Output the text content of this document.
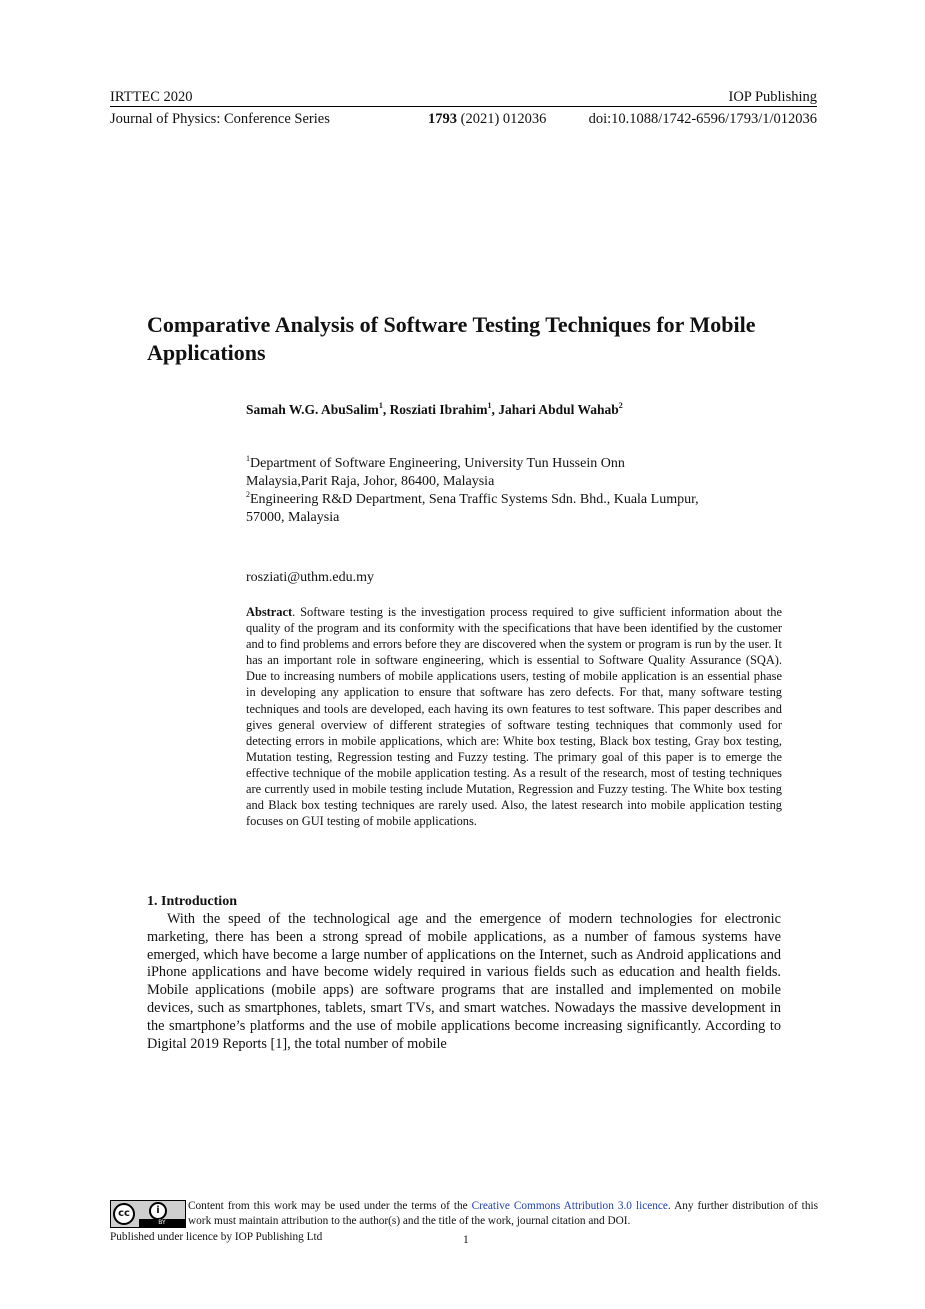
IRTTEC 2020	IOP Publishing
Journal of Physics: Conference Series	1793 (2021) 012036	doi:10.1088/1742-6596/1793/1/012036
Comparative Analysis of Software Testing Techniques for Mobile Applications
Samah W.G. AbuSalim$^1$, Rosziati Ibrahim$^1$, Jahari Abdul Wahab$^2$
$^1$Department of Software Engineering, University Tun Hussein Onn
Malaysia,Parit Raja, Johor, 86400, Malaysia
$^2$Engineering R&D Department, Sena Traffic Systems Sdn. Bhd., Kuala Lumpur,
57000, Malaysia
rosziati@uthm.edu.my
Abstract. Software testing is the investigation process required to give sufficient information about the quality of the program and its conformity with the specifications that have been identified by the customer and to find problems and errors before they are discovered when the system or program is run by the user. It has an important role in software engineering, which is essential to Software Quality Assurance (SQA). Due to increasing numbers of mobile applications users, testing of mobile application is an essential phase in developing any application to ensure that software has zero defects. For that, many software testing techniques and tools are developed, each having its own features to test software. This paper describes and gives general overview of different strategies of software testing techniques that commonly used for detecting errors in mobile applications, which are: White box testing, Black box testing, Gray box testing, Mutation testing, Regression testing and Fuzzy testing. The primary goal of this paper is to emerge the effective technique of the mobile application testing. As a result of the research, most of testing techniques are currently used in mobile testing include Mutation, Regression and Fuzzy testing. The White box testing and Black box testing techniques are rarely used. Also, the latest research into mobile application testing focuses on GUI testing of mobile applications.
1. Introduction
With the speed of the technological age and the emergence of modern technologies for electronic marketing, there has been a strong spread of mobile applications, as a number of famous systems have emerged, which have become a large number of applications on the Internet, such as Android applications and iPhone applications and have become widely required in various fields such as education and health fields. Mobile applications (mobile apps) are software programs that are installed and implemented on mobile devices, such as smartphones, tablets, smart TVs, and smart watches. Nowadays the massive development in the smartphone’s platforms and the use of mobile applications become increasing significantly. According to Digital 2019 Reports [1], the total number of mobile
cc	i
BY
Content from this work may be used under the terms of the Creative Commons Attribution 3.0 licence. Any further distribution of this work must maintain attribution to the author(s) and the title of the work, journal citation and DOI.
Published under licence by IOP Publishing Ltd	1
